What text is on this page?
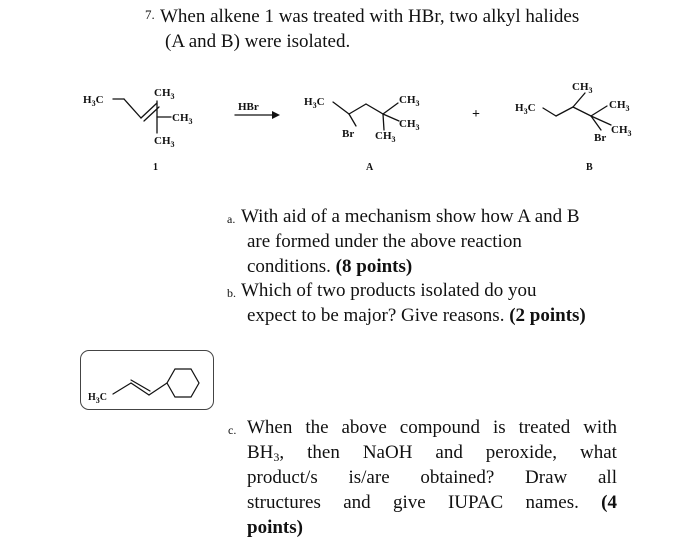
7. When alkene 1 was treated with HBr, two alkyl halides
(A and B) were isolated.
$H_3C$
$CH_3$
$CH_3$
$CH_3$
1
HBr	$H_3C$	$CH_3$
$CH_3$
$CH_3$
Br
A
+	$H_3C$
$CH_3$
$CH_3$
$CH_3$
Br
B
a. With aid of a mechanism show how A and B
are formed under the above reaction
conditions. (8 points)
b. Which of two products isolated do you
expect to be major? Give reasons. (2 points)
$H_3C$
c. When the above compound is treated with
$BH_3$, then NaOH and peroxide, what
product/s is/are obtained? Draw all
structures and give IUPAC names. (4
points)
